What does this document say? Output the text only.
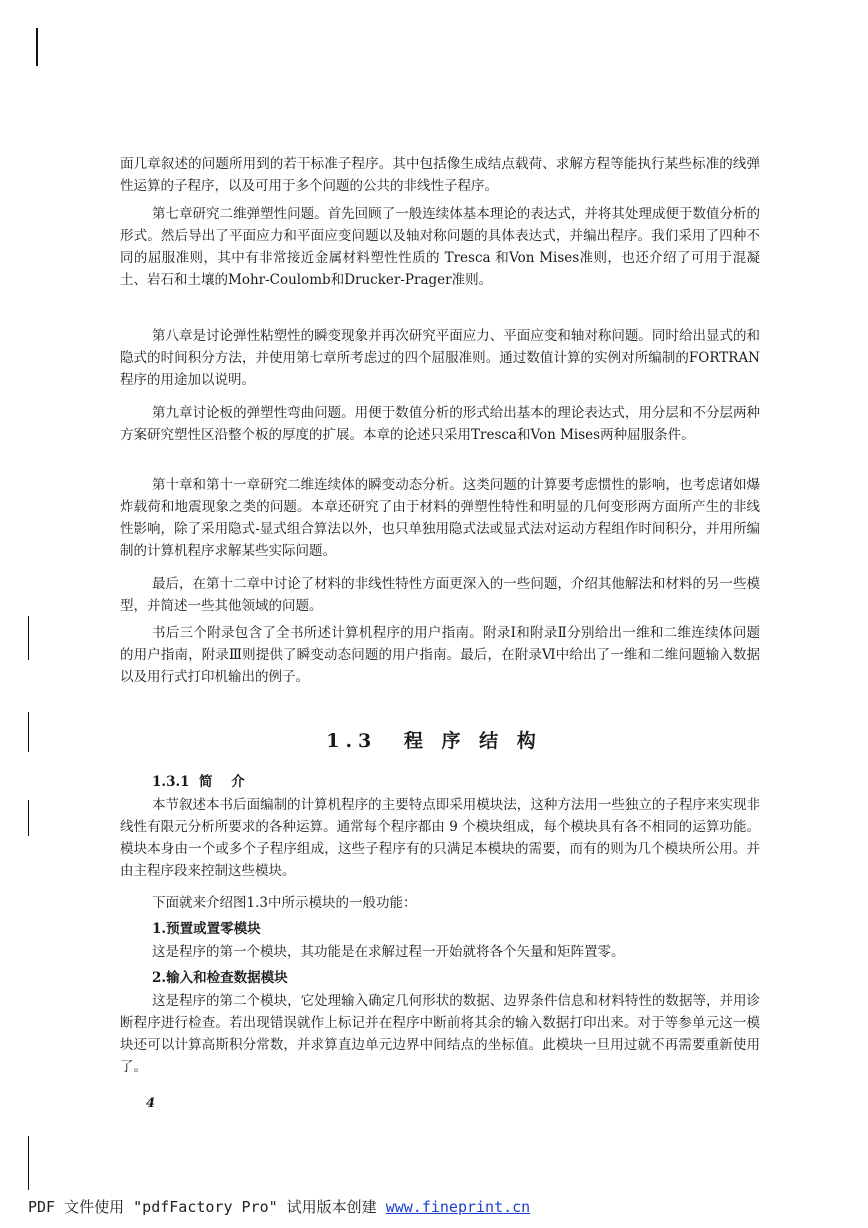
面几章叙述的问题所用到的若干标准子程序。其中包括像生成结点载荷、求解方程等能执行某些标准的线弹性运算的子程序，以及可用于多个问题的公共的非线性子程序。
第七章研究二维弹塑性问题。首先回顾了一般连续体基本理论的表达式，并将其处理成便于数值分析的形式。然后导出了平面应力和平面应变问题以及轴对称问题的具体表达式，并编出程序。我们采用了四种不同的屈服准则，其中有非常接近金属材料塑性性质的 Tresca 和Von Mises准则，也还介绍了可用于混凝土、岩石和土壤的Mohr-Coulomb和Drucker-Prager准则。
第八章是讨论弹性粘塑性的瞬变现象并再次研究平面应力、平面应变和轴对称问题。同时给出显式的和隐式的时间积分方法，并使用第七章所考虑过的四个屈服准则。通过数值计算的实例对所编制的FORTRAN程序的用途加以说明。
第九章讨论板的弹塑性弯曲问题。用便于数值分析的形式给出基本的理论表达式，用分层和不分层两种方案研究塑性区沿整个板的厚度的扩展。本章的论述只采用Tresca和Von Mises两种屈服条件。
第十章和第十一章研究二维连续体的瞬变动态分析。这类问题的计算要考虑惯性的影响，也考虑诸如爆炸载荷和地震现象之类的问题。本章还研究了由于材料的弹塑性特性和明显的几何变形两方面所产生的非线性影响，除了采用隐式-显式组合算法以外，也只单独用隐式法或显式法对运动方程组作时间积分，并用所编制的计算机程序求解某些实际问题。
最后，在第十二章中讨论了材料的非线性特性方面更深入的一些问题，介绍其他解法和材料的另一些模型，并简述一些其他领域的问题。
书后三个附录包含了全书所述计算机程序的用户指南。附录Ⅰ和附录Ⅱ分别给出一维和二维连续体问题的用户指南，附录Ⅲ则提供了瞬变动态问题的用户指南。最后，在附录Ⅵ中给出了一维和二维问题输入数据以及用行式打印机输出的例子。
1.3 程 序 结 构
1.3.1  简    介
本节叙述本书后面编制的计算机程序的主要特点即采用模块法，这种方法用一些独立的子程序来实现非线性有限元分析所要求的各种运算。通常每个程序都由 9 个模块组成，每个模块具有各不相同的运算功能。模块本身由一个或多个子程序组成，这些子程序有的只满足本模块的需要，而有的则为几个模块所公用。并由主程序段来控制这些模块。
下面就来介绍图1.3中所示模块的一般功能：
1.预置或置零模块
这是程序的第一个模块，其功能是在求解过程一开始就将各个矢量和矩阵置零。
2.输入和检查数据模块
这是程序的第二个模块，它处理输入确定几何形状的数据、边界条件信息和材料特性的数据等，并用诊断程序进行检查。若出现错误就作上标记并在程序中断前将其余的输入数据打印出来。对于等参单元这一模块还可以计算高斯积分常数，并求算直边单元边界中间结点的坐标值。此模块一旦用过就不再需要重新使用了。
4
PDF 文件使用 "pdfFactory Pro" 试用版本创建 www.fineprint.cn
